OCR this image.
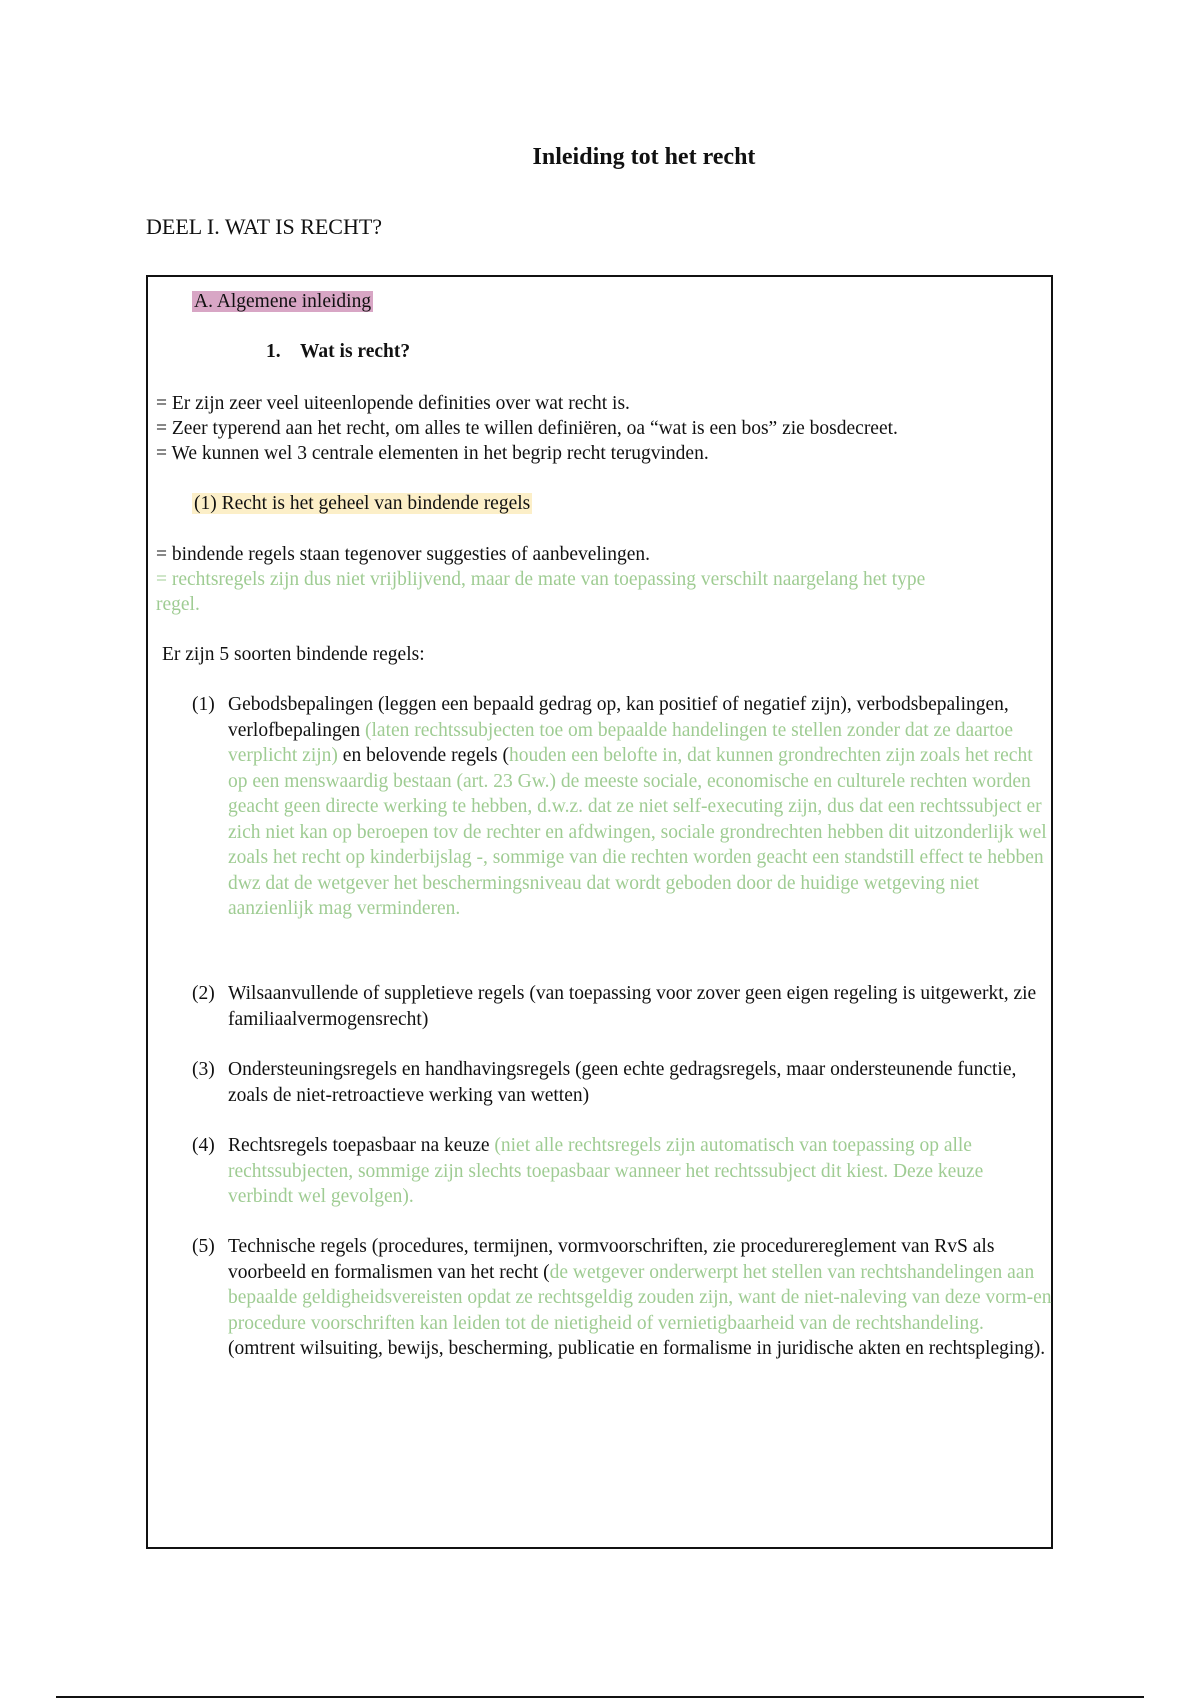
Inleiding tot het recht
DEEL I. WAT IS RECHT?
A. Algemene inleiding
1. Wat is recht?
= Er zijn zeer veel uiteenlopende definities over wat recht is.
= Zeer typerend aan het recht, om alles te willen definiëren, oa “wat is een bos” zie bosdecreet.
= We kunnen wel 3 centrale elementen in het begrip recht terugvinden.
(1) Recht is het geheel van bindende regels
= bindende regels staan tegenover suggesties of aanbevelingen.
= rechtsregels zijn dus niet vrijblijvend, maar de mate van toepassing verschilt naargelang het type
regel.
Er zijn 5 soorten bindende regels:
(1) Gebodsbepalingen (leggen een bepaald gedrag op, kan positief of negatief zijn), verbodsbepalingen, verlofbepalingen (laten rechtssubjecten toe om bepaalde handelingen te stellen zonder dat ze daartoe verplicht zijn) en belovende regels (houden een belofte in, dat kunnen grondrechten zijn zoals het recht op een menswaardig bestaan (art. 23 Gw.) de meeste sociale, economische en culturele rechten worden geacht geen directe werking te hebben, d.w.z. dat ze niet self-executing zijn, dus dat een rechtssubject er zich niet kan op beroepen tov de rechter en afdwingen, sociale grondrechten hebben dit uitzonderlijk wel zoals het recht op kinderbijslag -, sommige van die rechten worden geacht een standstill effect te hebben dwz dat de wetgever het beschermingsniveau dat wordt geboden door de huidige wetgeving niet aanzienlijk mag verminderen.
(2) Wilsaanvullende of suppletieve regels (van toepassing voor zover geen eigen regeling is uitgewerkt, zie familiaalvermogensrecht)
(3) Ondersteuningsregels en handhavingsregels (geen echte gedragsregels, maar ondersteunende functie, zoals de niet-retroactieve werking van wetten)
(4) Rechtsregels toepasbaar na keuze (niet alle rechtsregels zijn automatisch van toepassing op alle rechtssubjecten, sommige zijn slechts toepasbaar wanneer het rechtssubject dit kiest. Deze keuze verbindt wel gevolgen).
(5) Technische regels (procedures, termijnen, vormvoorschriften, zie procedurereglement van RvS als voorbeeld en formalismen van het recht (de wetgever onderwerpt het stellen van rechtshandelingen aan bepaalde geldigheidsvereisten opdat ze rechtsgeldig zouden zijn, want de niet-naleving van deze vorm-en procedure voorschriften kan leiden tot de nietigheid of vernietigbaarheid van de rechtshandeling. (omtrent wilsuiting, bewijs, bescherming, publicatie en formalisme in juridische akten en rechtspleging).
